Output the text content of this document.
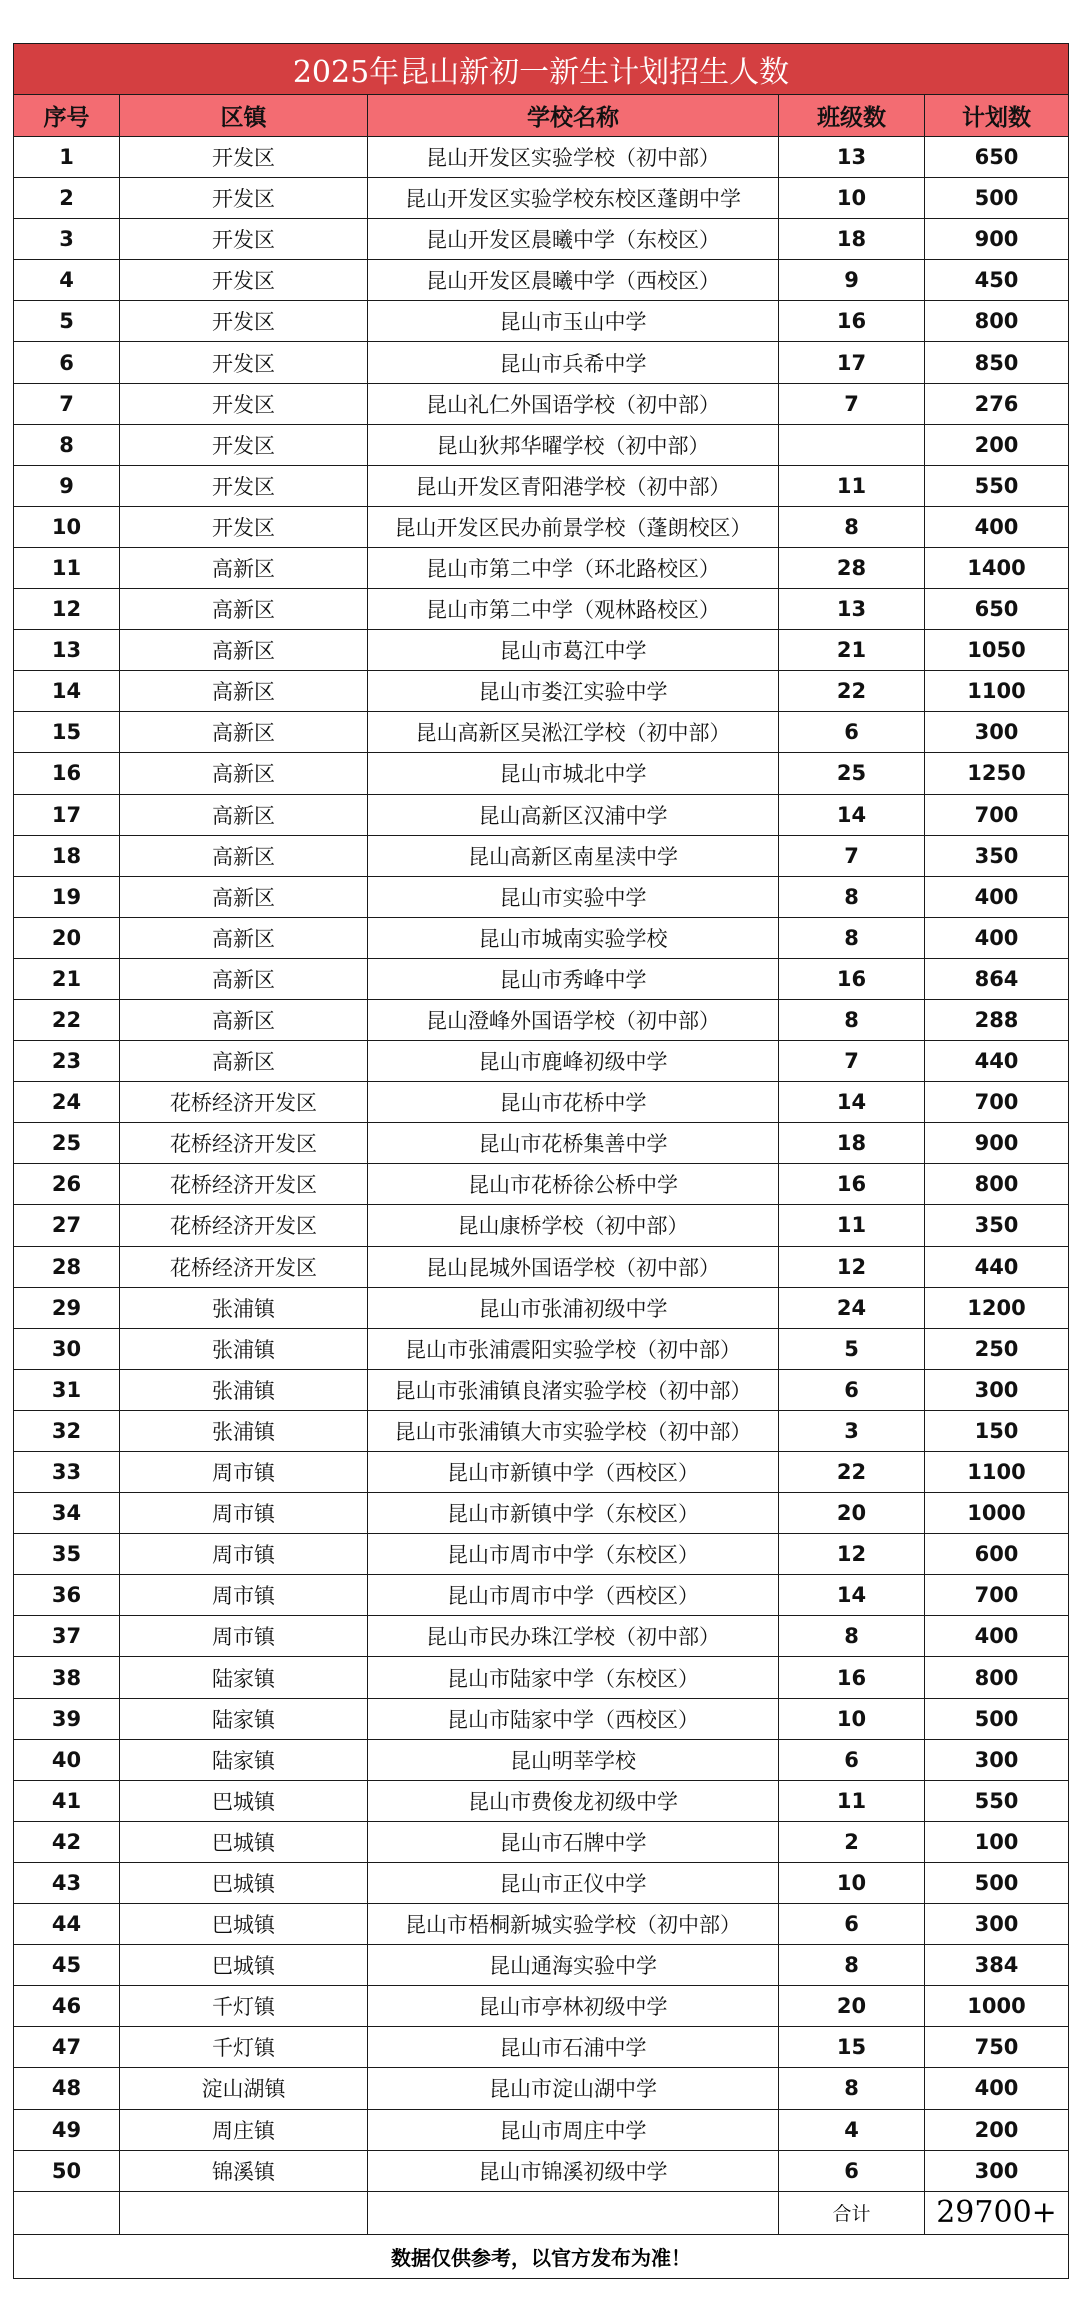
2025年昆山新初一新生计划招生人数				
序号	区镇	学校名称	班级数	计划数
1	开发区	昆山开发区实验学校（初中部）	13	650
2	开发区	昆山开发区实验学校东校区蓬朗中学	10	500
3	开发区	昆山开发区晨曦中学（东校区）	18	900
4	开发区	昆山开发区晨曦中学（西校区）	9	450
5	开发区	昆山市玉山中学	16	800
6	开发区	昆山市兵希中学	17	850
7	开发区	昆山礼仁外国语学校（初中部）	7	276
8	开发区	昆山狄邦华曜学校（初中部）		200
9	开发区	昆山开发区青阳港学校（初中部）	11	550
10	开发区	昆山开发区民办前景学校（蓬朗校区）	8	400
11	高新区	昆山市第二中学（环北路校区）	28	1400
12	高新区	昆山市第二中学（观林路校区）	13	650
13	高新区	昆山市葛江中学	21	1050
14	高新区	昆山市娄江实验中学	22	1100
15	高新区	昆山高新区吴淞江学校（初中部）	6	300
16	高新区	昆山市城北中学	25	1250
17	高新区	昆山高新区汉浦中学	14	700
18	高新区	昆山高新区南星渎中学	7	350
19	高新区	昆山市实验中学	8	400
20	高新区	昆山市城南实验学校	8	400
21	高新区	昆山市秀峰中学	16	864
22	高新区	昆山澄峰外国语学校（初中部）	8	288
23	高新区	昆山市鹿峰初级中学	7	440
24	花桥经济开发区	昆山市花桥中学	14	700
25	花桥经济开发区	昆山市花桥集善中学	18	900
26	花桥经济开发区	昆山市花桥徐公桥中学	16	800
27	花桥经济开发区	昆山康桥学校（初中部）	11	350
28	花桥经济开发区	昆山昆城外国语学校（初中部）	12	440
29	张浦镇	昆山市张浦初级中学	24	1200
30	张浦镇	昆山市张浦震阳实验学校（初中部）	5	250
31	张浦镇	昆山市张浦镇良渚实验学校（初中部）	6	300
32	张浦镇	昆山市张浦镇大市实验学校（初中部）	3	150
33	周市镇	昆山市新镇中学（西校区）	22	1100
34	周市镇	昆山市新镇中学（东校区）	20	1000
35	周市镇	昆山市周市中学（东校区）	12	600
36	周市镇	昆山市周市中学（西校区）	14	700
37	周市镇	昆山市民办珠江学校（初中部）	8	400
38	陆家镇	昆山市陆家中学（东校区）	16	800
39	陆家镇	昆山市陆家中学（西校区）	10	500
40	陆家镇	昆山明莘学校	6	300
41	巴城镇	昆山市费俊龙初级中学	11	550
42	巴城镇	昆山市石牌中学	2	100
43	巴城镇	昆山市正仪中学	10	500
44	巴城镇	昆山市梧桐新城实验学校（初中部）	6	300
45	巴城镇	昆山通海实验中学	8	384
46	千灯镇	昆山市亭林初级中学	20	1000
47	千灯镇	昆山市石浦中学	15	750
48	淀山湖镇	昆山市淀山湖中学	8	400
49	周庄镇	昆山市周庄中学	4	200
50	锦溪镇	昆山市锦溪初级中学	6	300
			合计	29700+
数据仅供参考，以官方发布为准！				
